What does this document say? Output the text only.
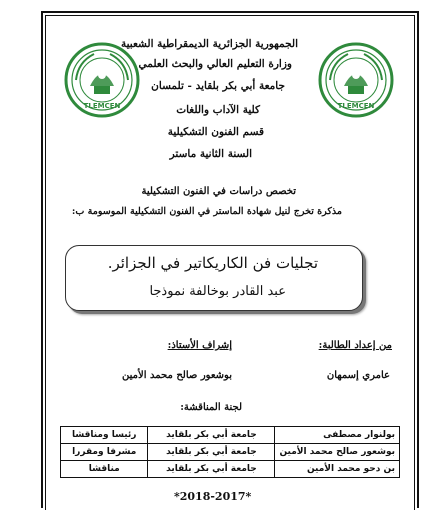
TLEMCEN	TLEMCEN
الجمهورية الجزائرية الديمقراطية الشعبية
وزارة التعليم العالي والبحث العلمي
جامعة أبي بكر بلقايد - تلمسان
كلية الآداب واللغات
قسم الفنون التشكيلية
السنة الثانية ماستر
تخصص دراسات في الفنون التشكيلية
مذكرة تخرج لنيل شهادة الماستر في الفنون التشكيلية الموسومة ب:
تجليات فن الكاريكاتير في الجزائر.
عبد القادر بوخالفة نموذجا
من إعداد الطالبة:
إشراف الأستاذ:
عامري إسمهان
بوشعور صالح محمد الأمين
لجنة المناقشة:
بولنوار مصطفى	جامعة أبي بكر بلقايد	رئيسا ومناقشا
بوشعور صالح محمد الأمين	جامعة أبي بكر بلقايد	مشرفا ومقررا
بن دحو محمد الأمين	جامعة أبي بكر بلقايد	مناقشا
*2018-2017*
